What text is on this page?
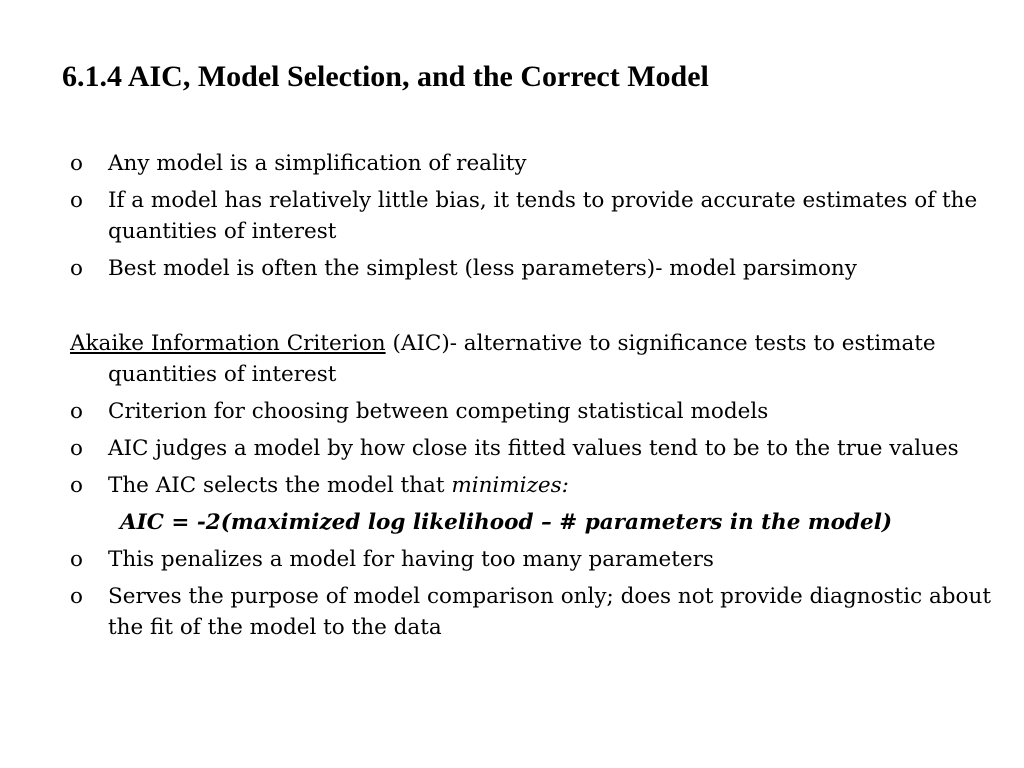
6.1.4 AIC, Model Selection, and the Correct Model
o Any model is a simplification of reality
o If a model has relatively little bias, it tends to provide accurate estimates of the quantities of interest
o Best model is often the simplest (less parameters)- model parsimony
Akaike Information Criterion (AIC)- alternative to significance tests to estimate quantities of interest
o Criterion for choosing between competing statistical models
o AIC judges a model by how close its fitted values tend to be to the true values
o The AIC selects the model that minimizes:
AIC = -2(maximized log likelihood – # parameters in the model)
o This penalizes a model for having too many parameters
o Serves the purpose of model comparison only; does not provide diagnostic about the fit of the model to the data
